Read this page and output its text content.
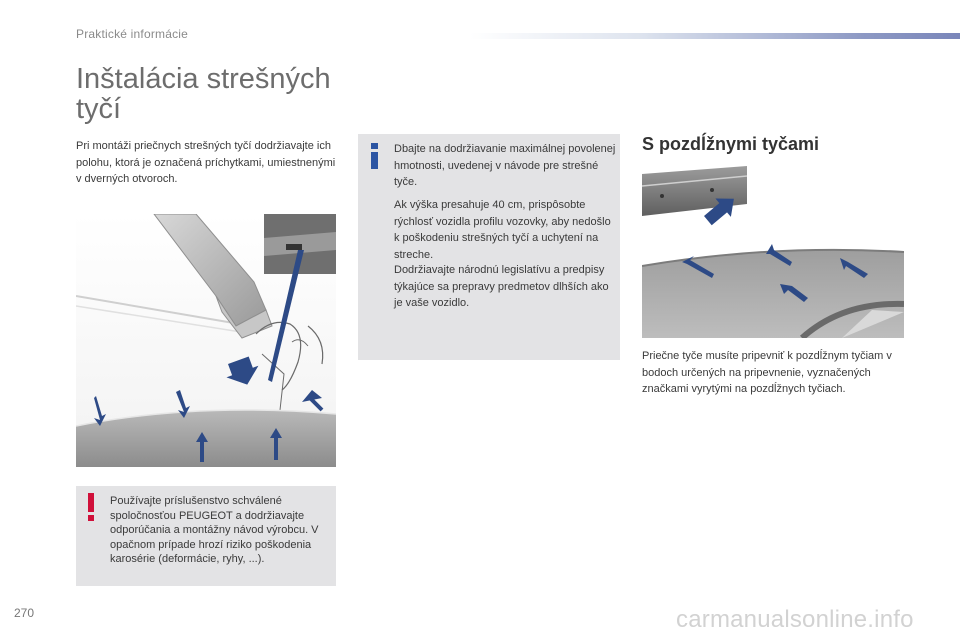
Praktické informácie
Inštalácia strešných tyčí
Pri montáži priečnych strešných tyčí dodržiavajte ich polohu, ktorá je označená príchytkami, umiestnenými v dverných otvoroch.

Dbajte na dodržiavanie maximálnej povolenej hmotnosti, uvedenej v návode pre strešné tyče.

Ak výška presahuje 40 cm, prispôsobte rýchlosť vozidla profilu vozovky, aby nedošlo k poškodeniu strešných tyčí a uchytení na streche.

Dodržiavajte národnú legislatívu a predpisy týkajúce sa prepravy predmetov dlhších ako je vaše vozidlo.

Používajte príslušenstvo schválené spoločnosťou PEUGEOT a dodržiavajte odporúčania a montážny návod výrobcu. V opačnom prípade hrozí riziko poškodenia karosérie (deformácie, ryhy, ...).
S pozdĺžnymi tyčami
Priečne tyče musíte pripevniť k pozdĺžnym tyčiam v bodoch určených na pripevnenie, vyznačených značkami vyrytými na pozdĺžnych tyčiach.
270	carmanualsonline.info
